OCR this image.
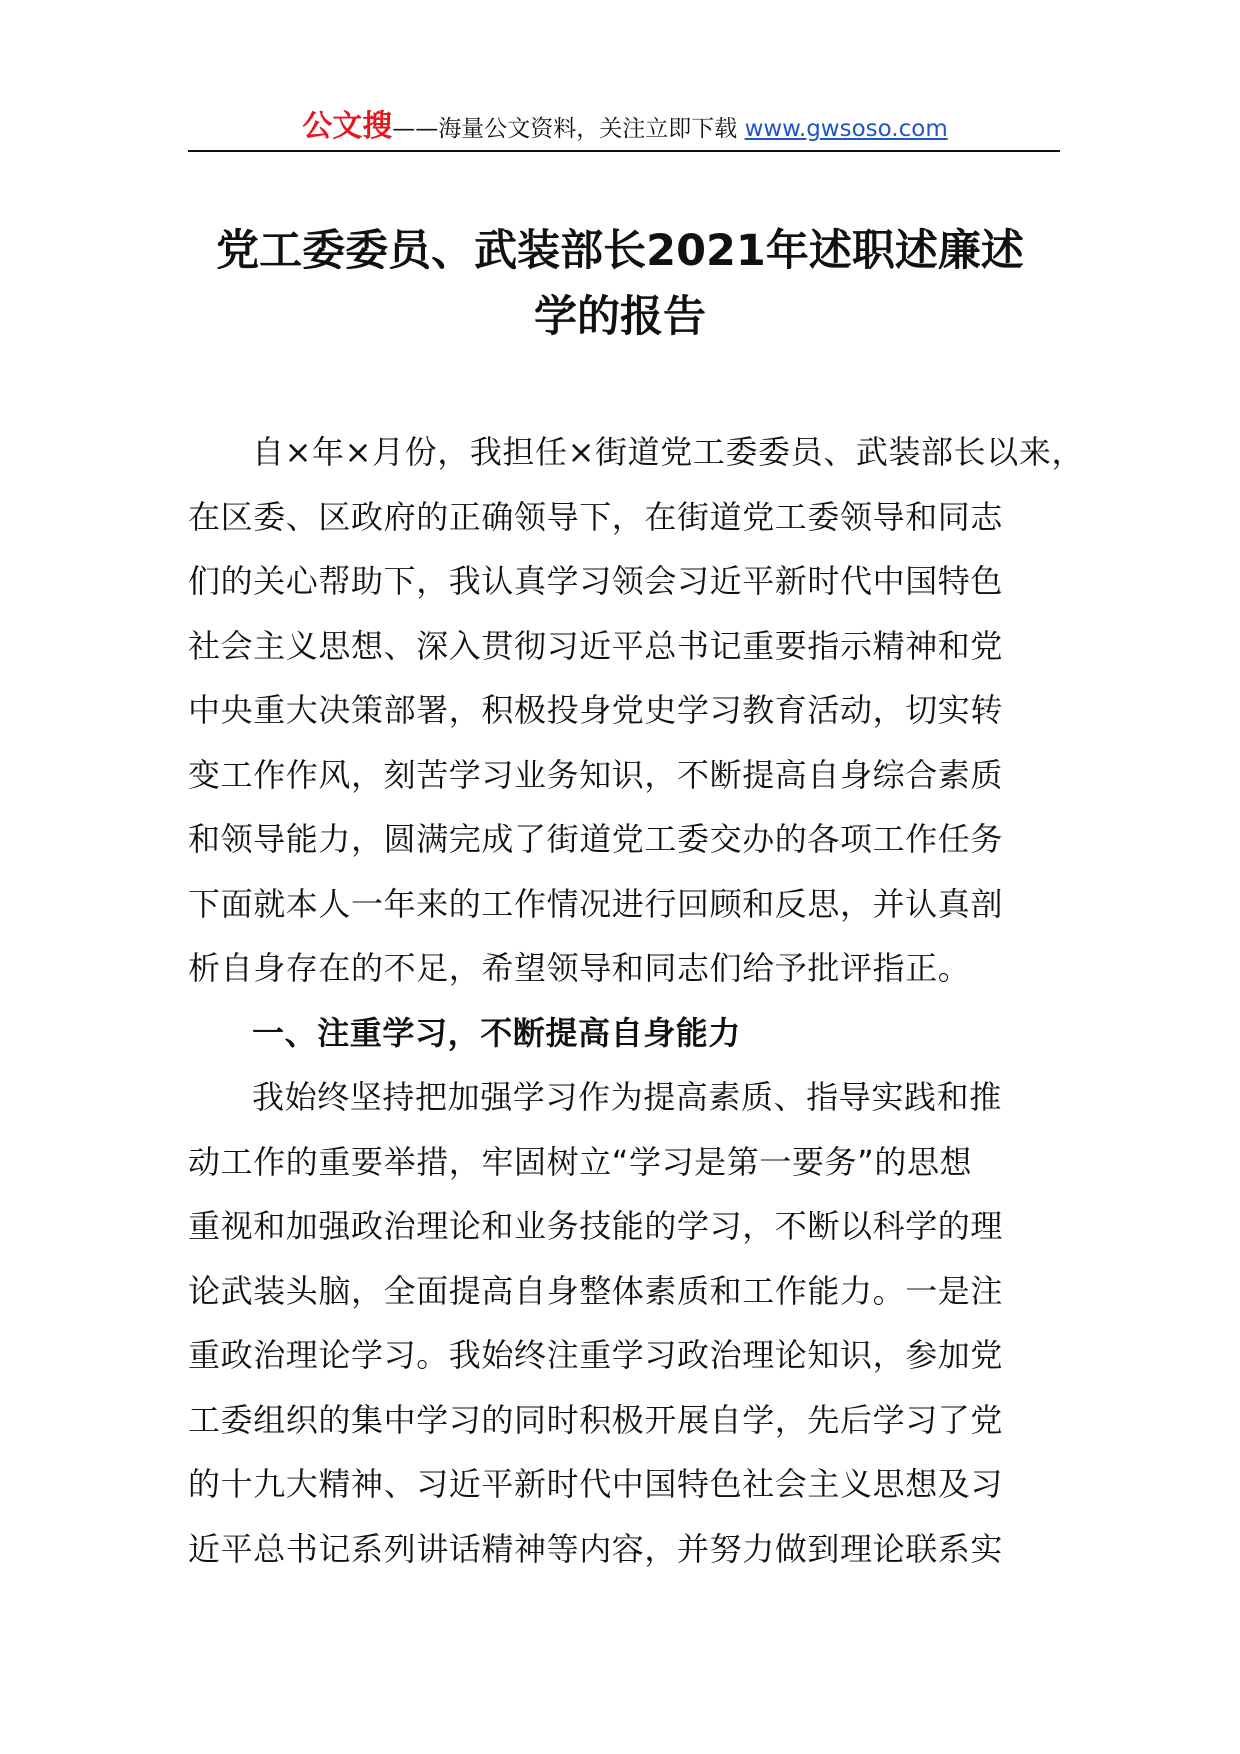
公文搜——海量公文资料，关注立即下载 www.gwsoso.com
党工委委员、武装部长2021年述职述廉述
学的报告
自×年×月份，我担任×街道党工委委员、武装部长以来，
在区委、区政府的正确领导下，在街道党工委领导和同志
们的关心帮助下，我认真学习领会习近平新时代中国特色
社会主义思想、深入贯彻习近平总书记重要指示精神和党
中央重大决策部署，积极投身党史学习教育活动，切实转
变工作作风，刻苦学习业务知识，不断提高自身综合素质
和领导能力，圆满完成了街道党工委交办的各项工作任务
下面就本人一年来的工作情况进行回顾和反思，并认真剖
析自身存在的不足，希望领导和同志们给予批评指正。
一、注重学习，不断提高自身能力
我始终坚持把加强学习作为提高素质、指导实践和推
动工作的重要举措，牢固树立“学习是第一要务”的思想
重视和加强政治理论和业务技能的学习，不断以科学的理
论武装头脑，全面提高自身整体素质和工作能力。一是注
重政治理论学习。我始终注重学习政治理论知识，参加党
工委组织的集中学习的同时积极开展自学，先后学习了党
的十九大精神、习近平新时代中国特色社会主义思想及习
近平总书记系列讲话精神等内容，并努力做到理论联系实
